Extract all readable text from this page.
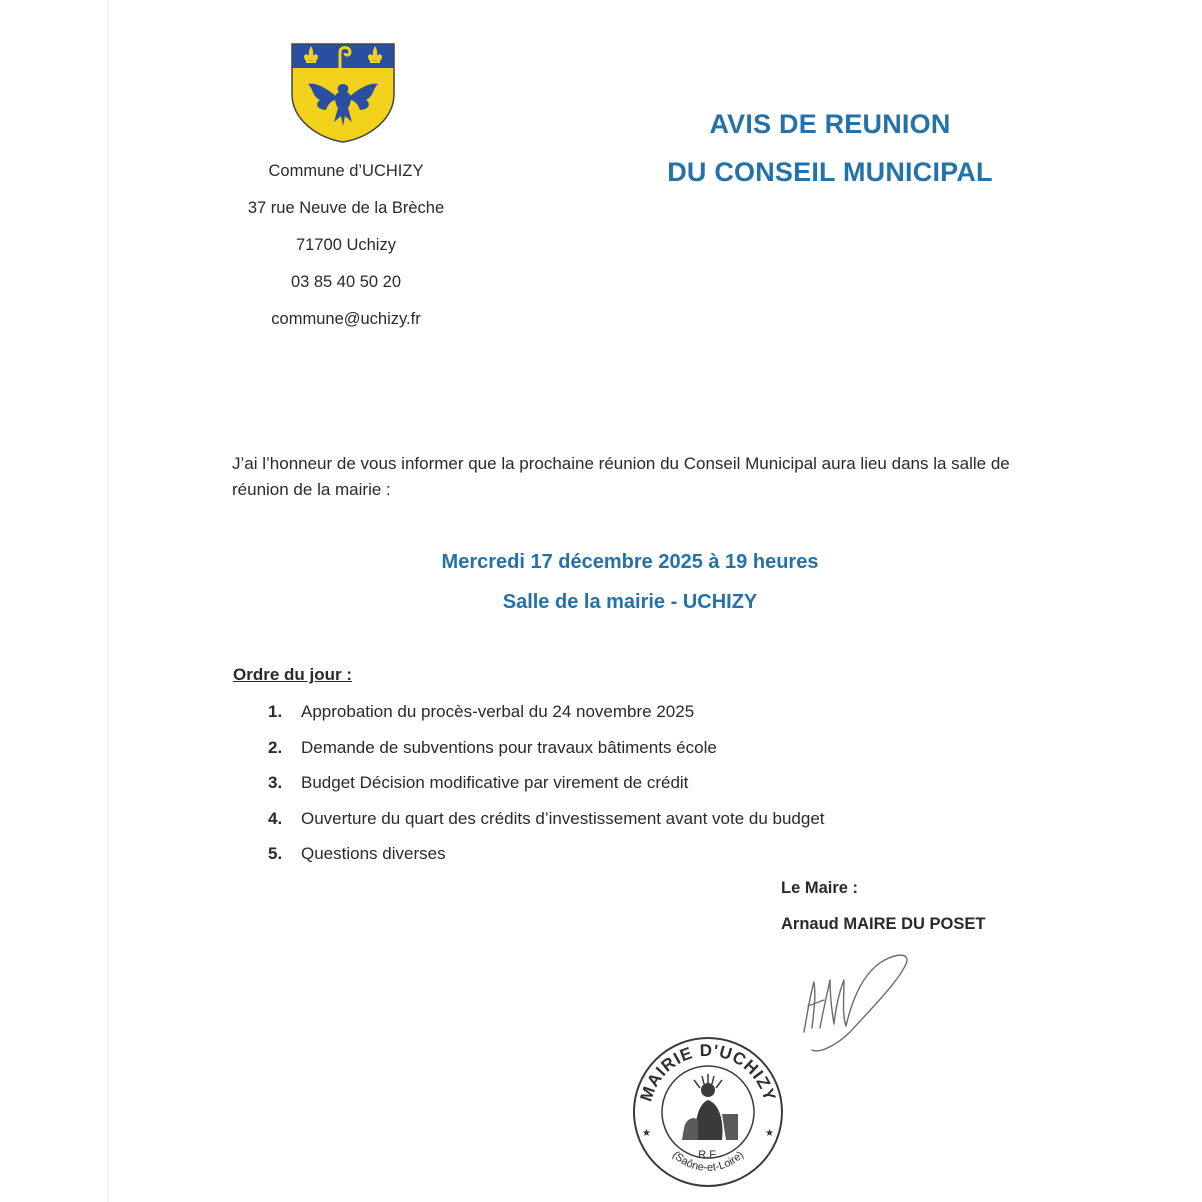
Commune d’UCHIZY
37 rue Neuve de la Brèche
71700 Uchizy
03 85 40 50 20
commune@uchizy.fr
AVIS DE REUNION
DU CONSEIL MUNICIPAL
J’ai l’honneur de vous informer que la prochaine réunion du Conseil Municipal aura lieu dans la salle de réunion de la mairie :
Mercredi 17 décembre 2025 à 19 heures
Salle de la mairie - UCHIZY
Ordre du jour :
1.	Approbation du procès-verbal du 24 novembre 2025
2.	Demande de subventions pour travaux bâtiments école
3.	Budget Décision modificative par virement de crédit
4.	Ouverture du quart des crédits d’investissement avant vote du budget
5.	Questions diverses
Le Maire :
Arnaud MAIRE DU POSET
MAIRIE D'UCHIZY
★	★
R.F.
(Saône-et-Loire)
